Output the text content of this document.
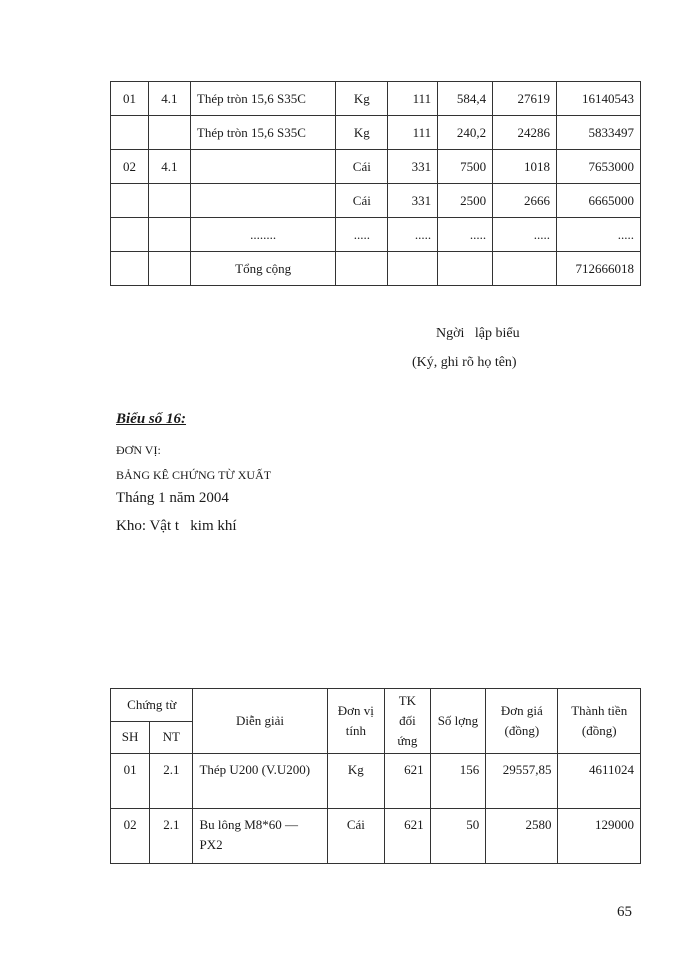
01	4.1	Thép tròn 15,6 S35C	Kg	111	584,4	27619	16140543
		Thép tròn 15,6 S35C	Kg	111	240,2	24286	5833497
02	4.1		Cái	331	7500	1018	7653000
			Cái	331	2500	2666	6665000
		........	.....	.....	.....	.....	.....
		Tổng cộng					712666018
Ngời   lập biểu
(Ký, ghi rõ họ tên)
Biểu số 16:
ĐƠN VỊ:
BẢNG KÊ CHỨNG TỪ XUẤT
Tháng 1 năm 2004
Kho: Vật t   kim khí
Chứng từ		Diễn giải	Đơn vị tính	TK đối ứng	Số lợng	Đơn giá (đồng)	Thành tiền (đồng)
SH	NT						
01	2.1	Thép U200 (V.U200)	Kg	621	156	29557,85	4611024
02	2.1	Bu lông M8*60 — PX2	Cái	621	50	2580	129000
65
